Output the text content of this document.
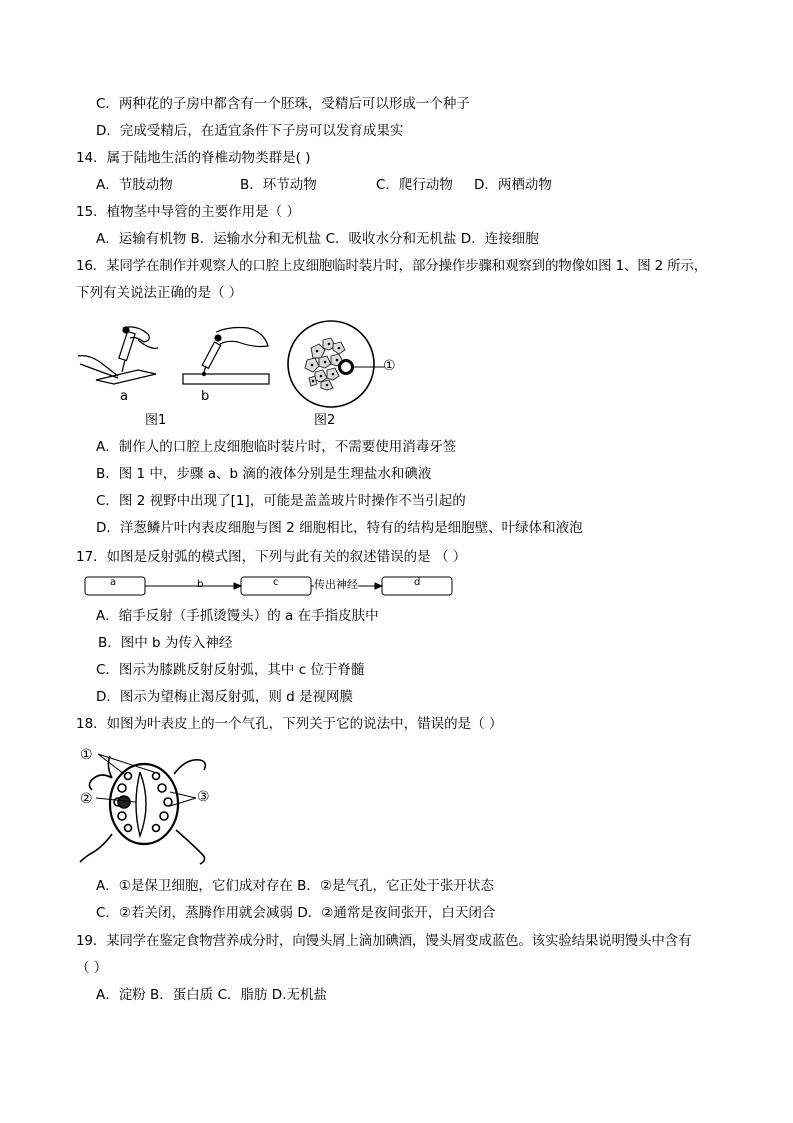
C．两种花的子房中都含有一个胚珠，受精后可以形成一个种子
D．完成受精后，在适宜条件下子房可以发育成果实
14．属于陆地生活的脊椎动物类群是( )
A．节肢动物	B．环节动物	C．爬行动物 D．两栖动物
15．植物茎中导管的主要作用是（ ）
A．运输有机物 B．运输水分和无机盐 C．吸收水分和无机盐 D．连接细胞
16．某同学在制作并观察人的口腔上皮细胞临时装片时，部分操作步骤和观察到的物像如图 1、图 2 所示，
下列有关说法正确的是（ ）
a	b
图1
①
图2
A．制作人的口腔上皮细胞临时装片时，不需要使用消毒牙签
B．图 1 中，步骤 a、b 滴的液体分别是生理盐水和碘液
C．图 2 视野中出现了[1]，可能是盖盖玻片时操作不当引起的
D．洋葱鳞片叶内表皮细胞与图 2 细胞相比，特有的结构是细胞壁、叶绿体和液泡
17．如图是反射弧的模式图，下列与此有关的叙述错误的是 （ ）
a	b	c	传出神经	d
A．缩手反射（手抓烫馒头）的 a 在手指皮肤中
B．图中 b 为传入神经
C．图示为膝跳反射反射弧，其中 c 位于脊髓
D．图示为望梅止渴反射弧，则 d 是视网膜
18．如图为叶表皮上的一个气孔，下列关于它的说法中，错误的是（ ）
①
②	③
A．①是保卫细胞，它们成对存在 B．②是气孔，它正处于张开状态
C．②若关闭，蒸腾作用就会减弱 D．②通常是夜间张开，白天闭合
19．某同学在鉴定食物营养成分时，向馒头屑上滴加碘酒，馒头屑变成蓝色。该实验结果说明馒头中含有
（ ）
A．淀粉 B．蛋白质 C．脂肪 D.无机盐
